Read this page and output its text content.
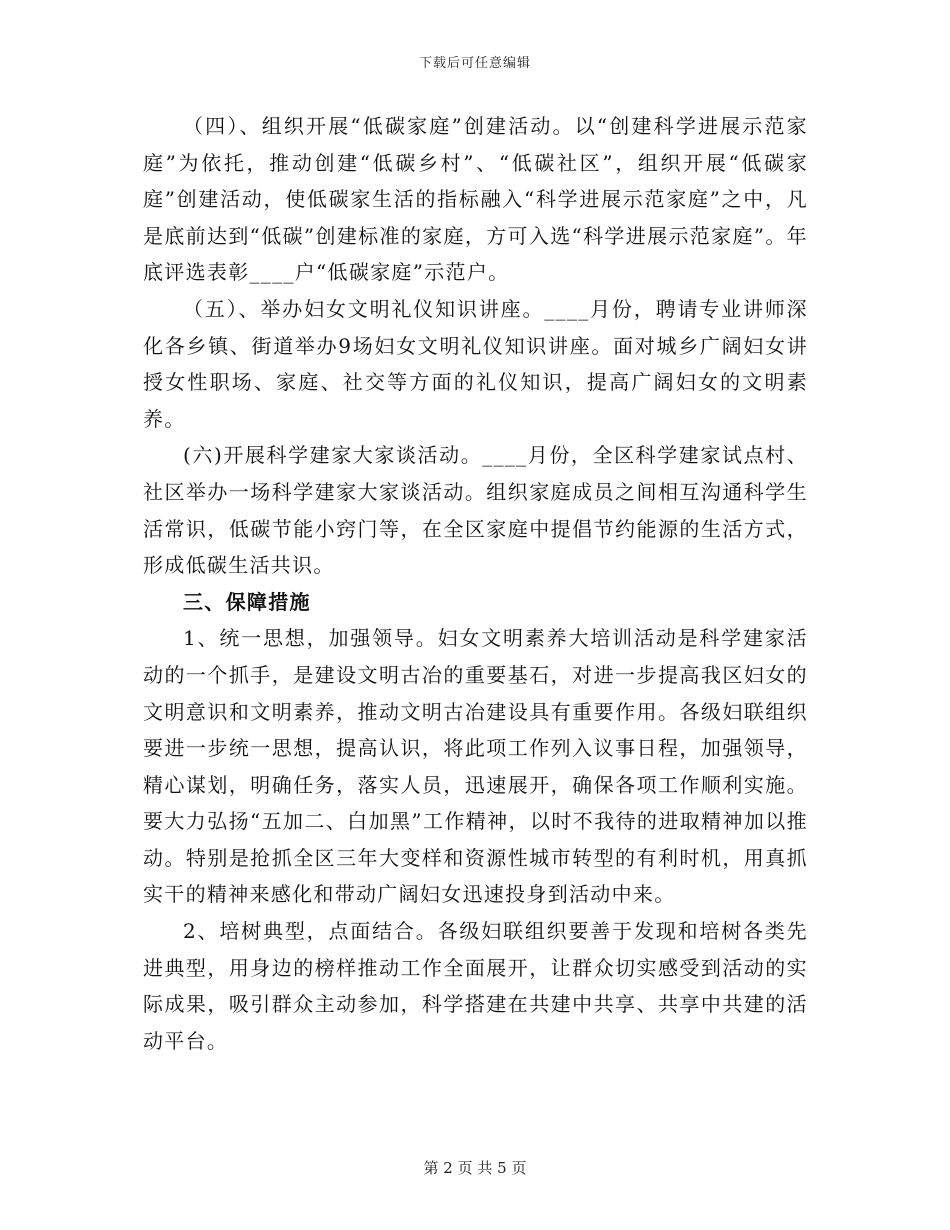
下载后可任意编辑

（四）、组织开展“低碳家庭”创建活动。以“创建科学进展示范家庭”为依托，推动创建“低碳乡村”、“低碳社区”，组织开展“低碳家庭”创建活动，使低碳家生活的指标融入“科学进展示范家庭”之中，凡是底前达到“低碳”创建标准的家庭，方可入选“科学进展示范家庭”。年底评选表彰____户“低碳家庭”示范户。

（五）、举办妇女文明礼仪知识讲座。____月份，聘请专业讲师深化各乡镇、街道举办9场妇女文明礼仪知识讲座。面对城乡广阔妇女讲授女性职场、家庭、社交等方面的礼仪知识，提高广阔妇女的文明素养。

(六)开展科学建家大家谈活动。____月份，全区科学建家试点村、社区举办一场科学建家大家谈活动。组织家庭成员之间相互沟通科学生活常识，低碳节能小窍门等，在全区家庭中提倡节约能源的生活方式，形成低碳生活共识。

三、保障措施

1、统一思想，加强领导。妇女文明素养大培训活动是科学建家活动的一个抓手，是建设文明古冶的重要基石，对进一步提高我区妇女的文明意识和文明素养，推动文明古冶建设具有重要作用。各级妇联组织要进一步统一思想，提高认识，将此项工作列入议事日程，加强领导，精心谋划，明确任务，落实人员，迅速展开，确保各项工作顺利实施。要大力弘扬“五加二、白加黑”工作精神，以时不我待的进取精神加以推动。特别是抢抓全区三年大变样和资源性城市转型的有利时机，用真抓实干的精神来感化和带动广阔妇女迅速投身到活动中来。

2、培树典型，点面结合。各级妇联组织要善于发现和培树各类先进典型，用身边的榜样推动工作全面展开，让群众切实感受到活动的实际成果，吸引群众主动参加，科学搭建在共建中共享、共享中共建的活动平台。

第 2 页 共 5 页
